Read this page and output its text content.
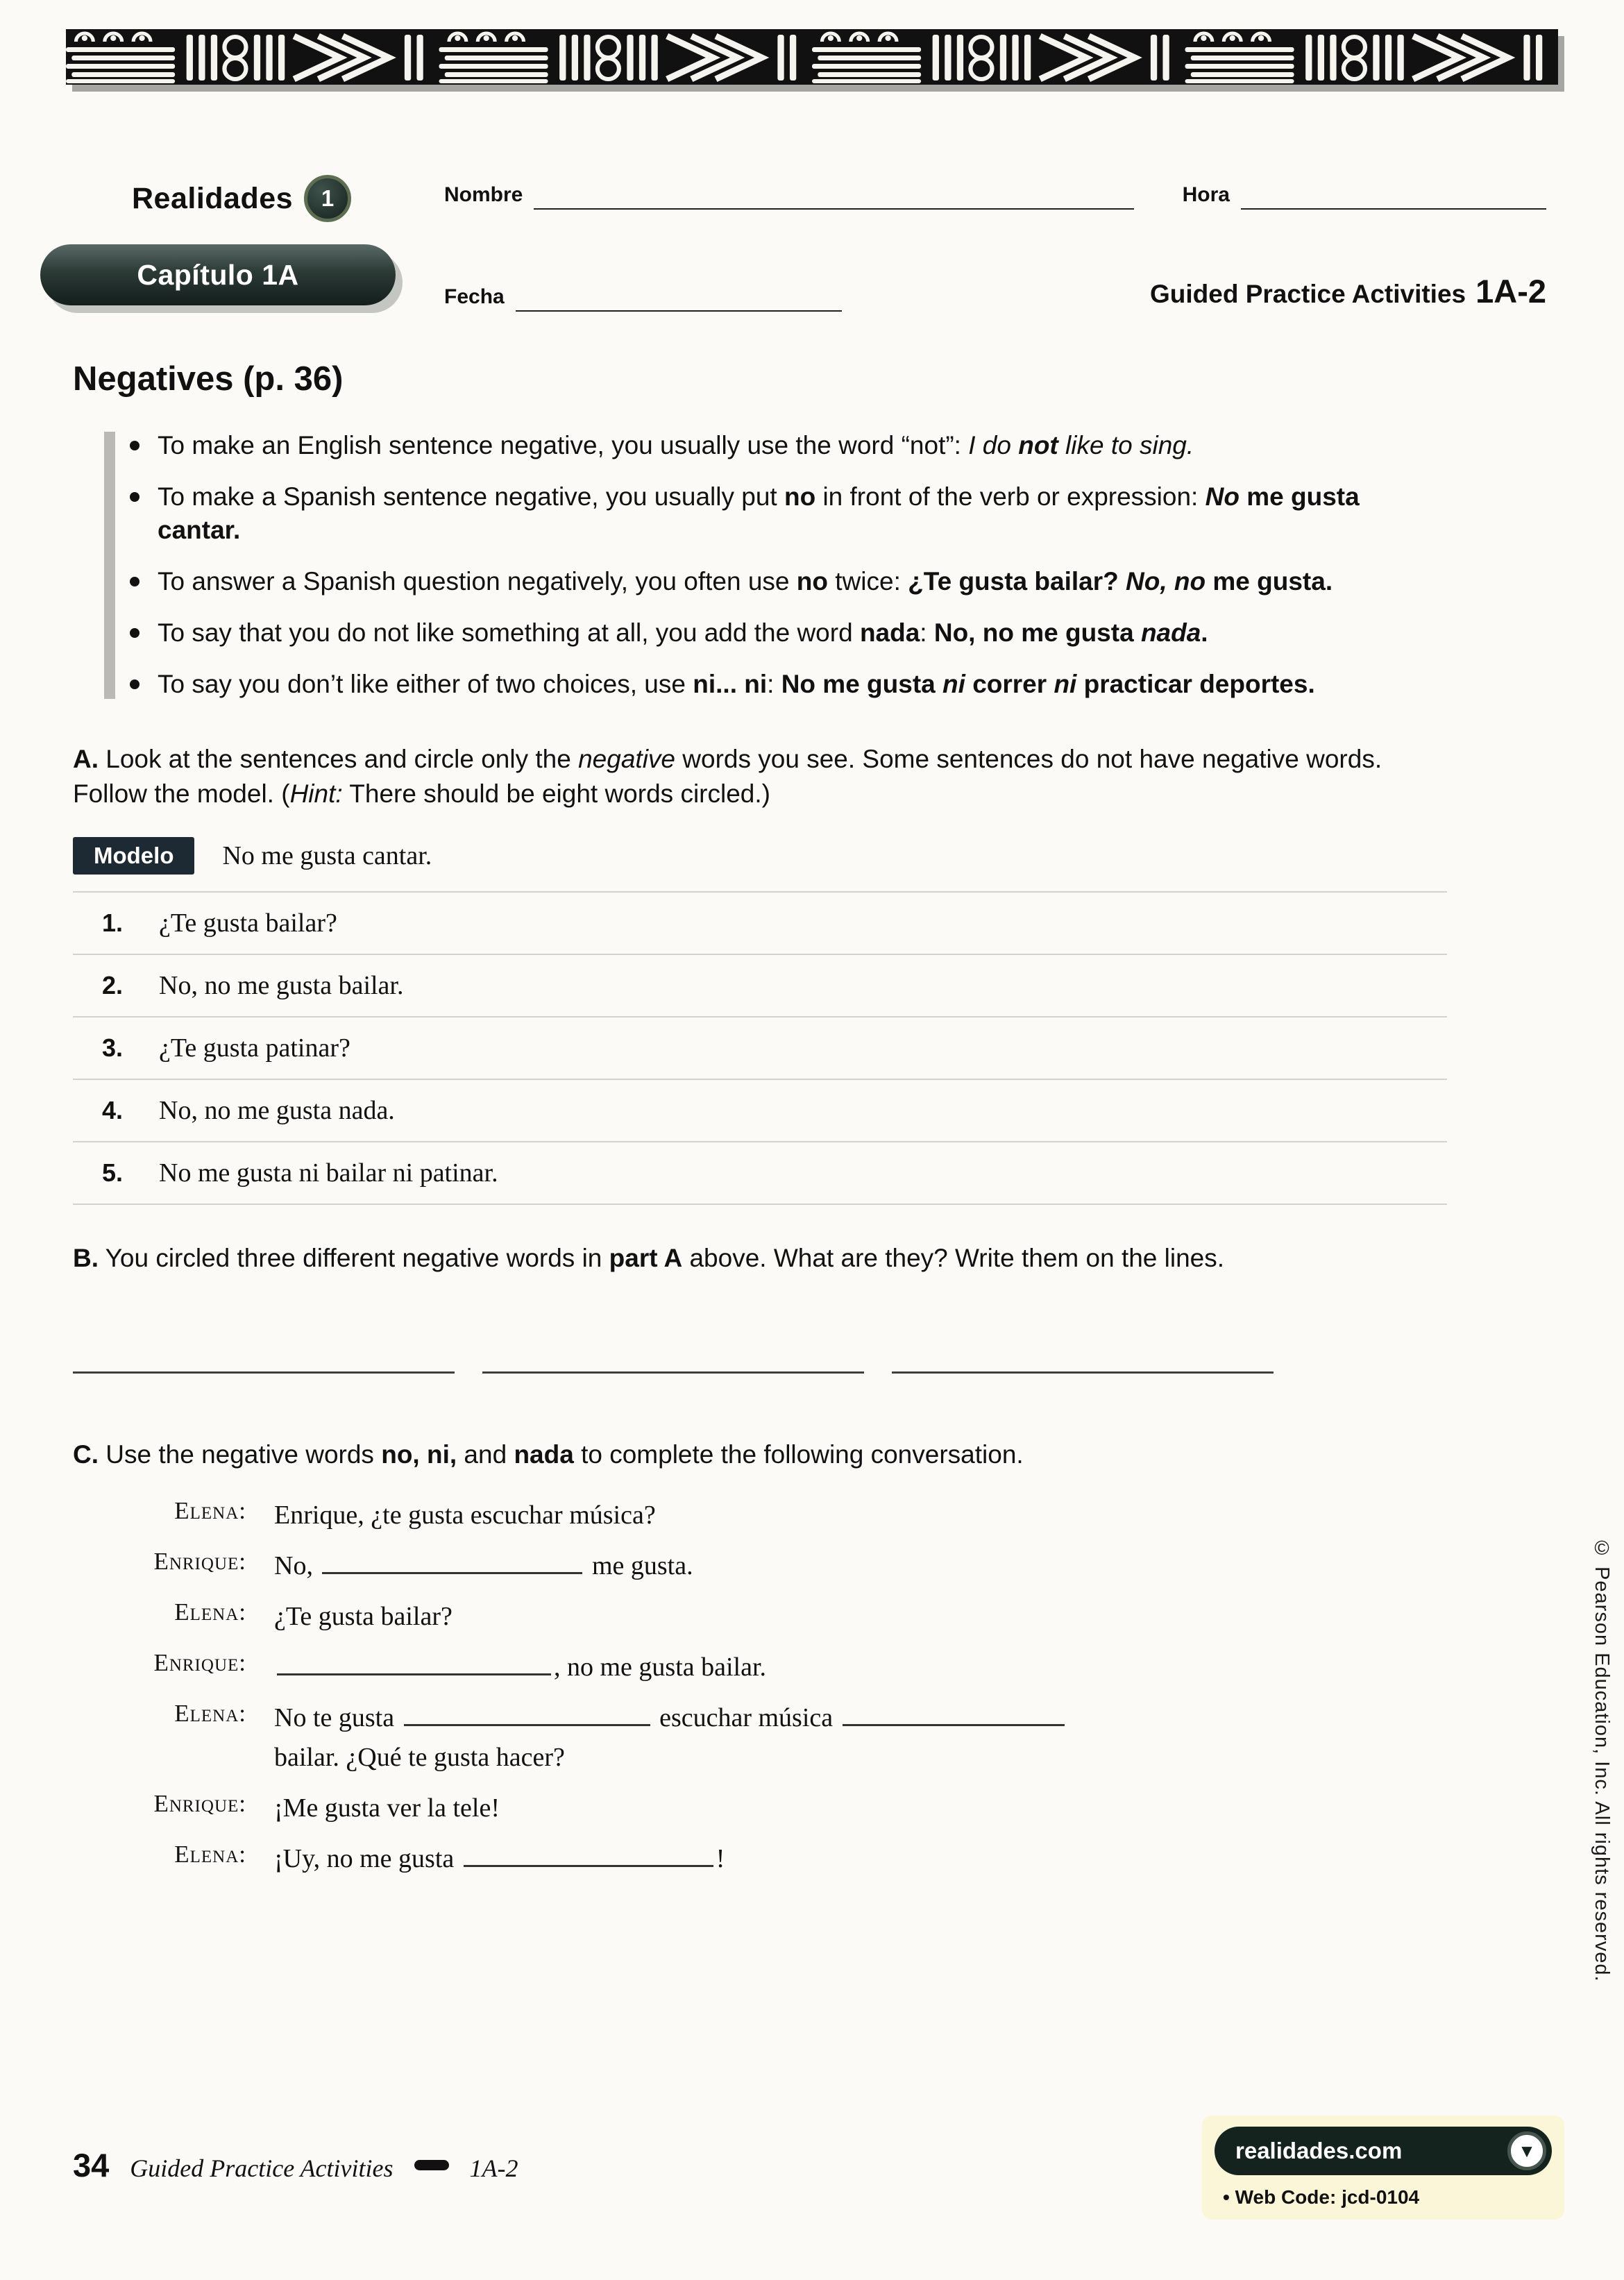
Realidades	1
Capítulo 1A
Nombre	Hora
Fecha	Guided Practice Activities 1A-2
Negatives (p. 36)
To make an English sentence negative, you usually use the word “not”: I do not like to sing.
To make a Spanish sentence negative, you usually put no in front of the verb or expression: No me gusta cantar.
To answer a Spanish question negatively, you often use no twice: ¿Te gusta bailar? No, no me gusta.
To say that you do not like something at all, you add the word nada: No, no me gusta nada.
To say you don’t like either of two choices, use ni... ni: No me gusta ni correr ni practicar deportes.
A. Look at the sentences and circle only the negative words you see. Some sentences do not have negative words. Follow the model. (Hint: There should be eight words circled.)
Modelo	No me gusta cantar.
1.	¿Te gusta bailar?
2.	No, no me gusta bailar.
3.	¿Te gusta patinar?
4.	No, no me gusta nada.
5.	No me gusta ni bailar ni patinar.
B. You circled three different negative words in part A above. What are they? Write them on the lines.
C. Use the negative words no, ni, and nada to complete the following conversation.
Elena: Enrique, ¿te gusta escuchar música?
Enrique: No,	me gusta.
Elena: ¿Te gusta bailar?
Enrique:	, no me gusta bailar.
Elena: No te gusta	escuchar música
bailar. ¿Qué te gusta hacer?
Enrique: ¡Me gusta ver la tele!
Elena: ¡Uy, no me gusta	!
34 Guided Practice Activities	1A-2
realidades.com	▼
• Web Code: jcd-0104
© Pearson Education, Inc. All rights reserved.
